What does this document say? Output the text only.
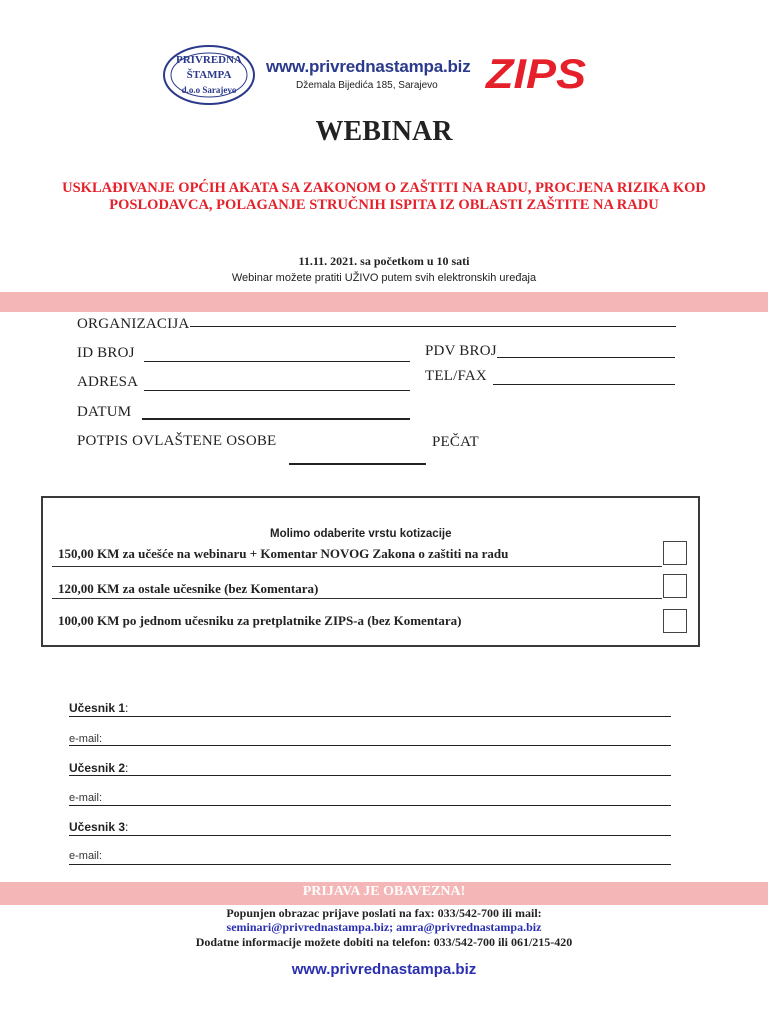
PRIVREDNA
ŠTAMPA
d.o.o Sarajevo
www.privrednastampa.biz
Džemala Bijedića 185, Sarajevo ZIPS
WEBINAR
USKLAĐIVANJE OPĆIH AKATA SA ZAKONOM O ZAŠTITI NA RADU, PROCJENA RIZIKA KOD
POSLODAVCA, POLAGANJE STRUČNIH ISPITA IZ OBLASTI ZAŠTITE NA RADU
11.11. 2021. sa početkom u 10 sati
Webinar možete pratiti UŽIVO putem svih elektronskih uređaja
ORGANIZACIJA
ID BROJ	PDV BROJ
ADRESA	TEL/FAX
DATUM
POTPIS OVLAŠTENE OSOBE	PEČAT
Molimo odaberite vrstu kotizacije
150,00 KM za učešće na webinaru + Komentar NOVOG Zakona o zaštiti na radu
120,00 KM za ostale učesnike (bez Komentara)
100,00 KM po jednom učesniku za pretplatnike ZIPS-a (bez Komentara)
Učesnik 1:
e-mail:
Učesnik 2:
e-mail:
Učesnik 3:
e-mail:
PRIJAVA JE OBAVEZNA!
Popunjen obrazac prijave poslati na fax: 033/542-700 ili mail:
seminari@privrednastampa.biz; amra@privrednastampa.biz
Dodatne informacije možete dobiti na telefon: 033/542-700 ili 061/215-420
www.privrednastampa.biz
